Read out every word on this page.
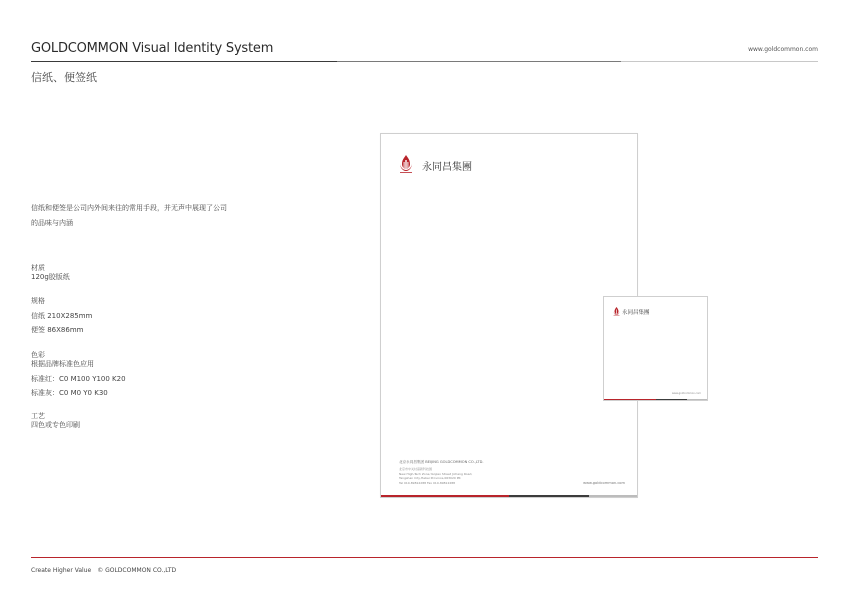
GOLDCOMMON Visual Identity System	www.goldcommon.com
信纸、便签纸
信纸和便签是公司内外间来往的常用手段，并无声中展现了公司
的品味与内涵
材质
120g胶版纸
规格
信纸 210X285mm
便签 86X86mm
色彩
根据品牌标准色应用
标准红：C0 M100 Y100 K20
标准灰：C0 M0 Y0 K30
工艺
四色或专色印刷
永同昌集團
北京永同昌集团 BEIJING GOLDCOMMON CO.,LTD.
北京市中关村高新科技园
New High-Tech Zone,Yanjiao Street Jichang Road,
Tangshan City,Hebei Province,063020 PR
Tel 010-89812288 Fax 010-89812288	www.goldcommon.com
永同昌集團
www.goldcommon.com
Create Higher Value © GOLDCOMMON CO.,LTD
